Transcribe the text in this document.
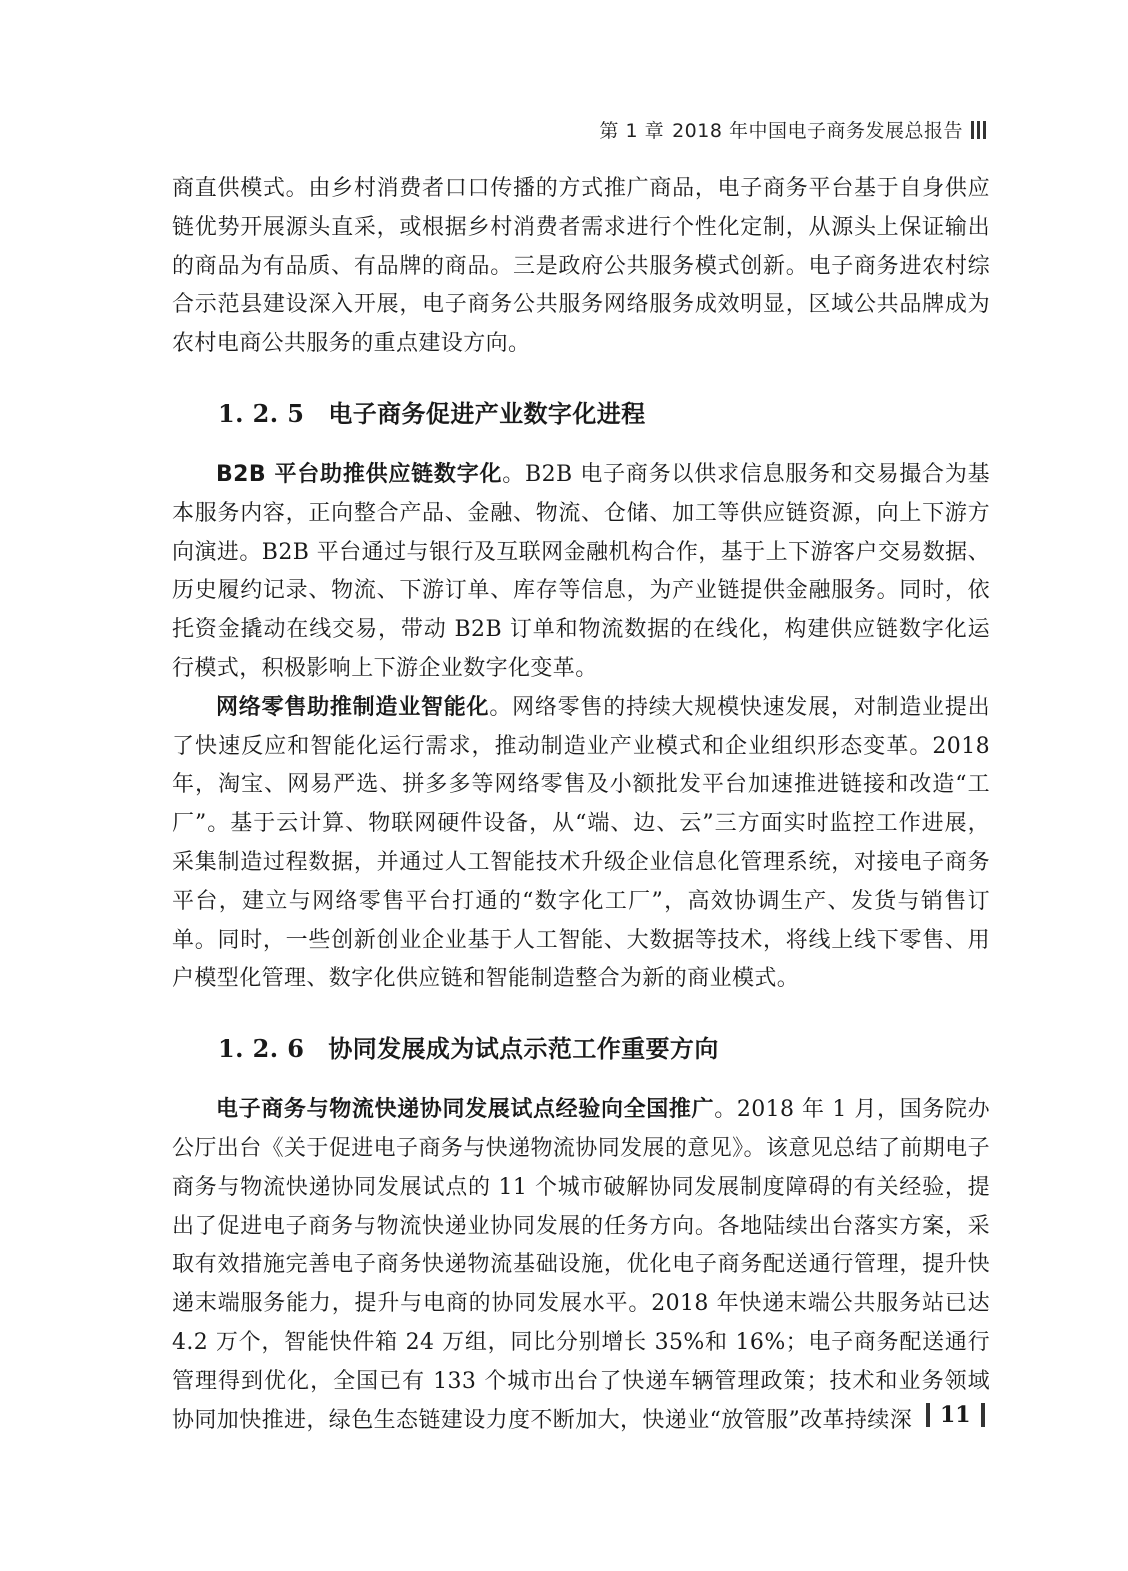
第 1 章 2018 年中国电子商务发展总报告

商直供模式。由乡村消费者口口传播的方式推广商品，电子商务平台基于自身供应链优势开展源头直采，或根据乡村消费者需求进行个性化定制，从源头上保证输出的商品为有品质、有品牌的商品。三是政府公共服务模式创新。电子商务进农村综合示范县建设深入开展，电子商务公共服务网络服务成效明显，区域公共品牌成为农村电商公共服务的重点建设方向。

1. 2. 5 电子商务促进产业数字化进程

B2B 平台助推供应链数字化。B2B 电子商务以供求信息服务和交易撮合为基本服务内容，正向整合产品、金融、物流、仓储、加工等供应链资源，向上下游方向演进。B2B 平台通过与银行及互联网金融机构合作，基于上下游客户交易数据、历史履约记录、物流、下游订单、库存等信息，为产业链提供金融服务。同时，依托资金撬动在线交易，带动 B2B 订单和物流数据的在线化，构建供应链数字化运行模式，积极影响上下游企业数字化变革。

网络零售助推制造业智能化。网络零售的持续大规模快速发展，对制造业提出了快速反应和智能化运行需求，推动制造业产业模式和企业组织形态变革。2018 年，淘宝、网易严选、拼多多等网络零售及小额批发平台加速推进链接和改造“工厂”。基于云计算、物联网硬件设备，从“端、边、云”三方面实时监控工作进展，采集制造过程数据，并通过人工智能技术升级企业信息化管理系统，对接电子商务平台，建立与网络零售平台打通的“数字化工厂”，高效协调生产、发货与销售订单。同时，一些创新创业企业基于人工智能、大数据等技术，将线上线下零售、用户模型化管理、数字化供应链和智能制造整合为新的商业模式。

1. 2. 6 协同发展成为试点示范工作重要方向

电子商务与物流快递协同发展试点经验向全国推广。2018 年 1 月，国务院办公厅出台《关于促进电子商务与快递物流协同发展的意见》。该意见总结了前期电子商务与物流快递协同发展试点的 11 个城市破解协同发展制度障碍的有关经验，提出了促进电子商务与物流快递业协同发展的任务方向。各地陆续出台落实方案，采取有效措施完善电子商务快递物流基础设施，优化电子商务配送通行管理，提升快递末端服务能力，提升与电商的协同发展水平。2018 年快递末端公共服务站已达 4.2 万个，智能快件箱 24 万组，同比分别增长 35%和 16%；电子商务配送通行管理得到优化，全国已有 133 个城市出台了快递车辆管理政策；技术和业务领域协同加快推进，绿色生态链建设力度不断加大，快递业“放管服”改革持续深	11
